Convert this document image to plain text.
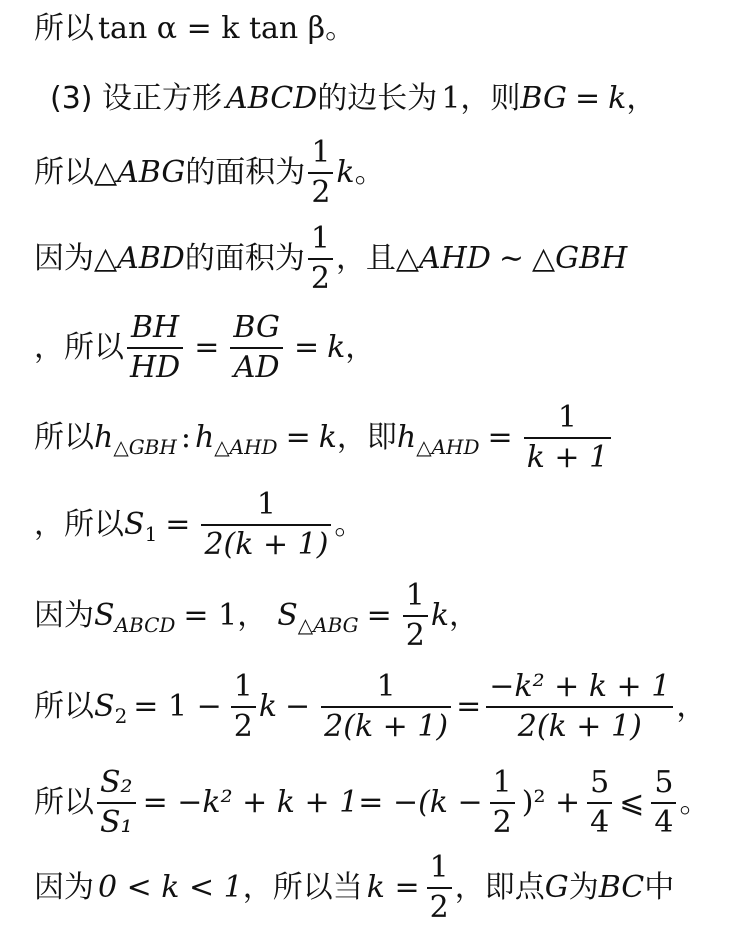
所以 tan α = k tan β 。
(3) 设正方形 ABCD 的边长为 1 ，则 BG = k ，
所以△ ABG 的面积为 $\frac{1}{2}$ k 。
因为△ ABD 的面积为 $\frac{1}{2}$ ，且△ AHD ∼ △ GBH
，所以 $\frac{BH}{HD} = \frac{BG}{AD} = k$ ，
所以 h △GBH : h △AHD = k ，即 h △AHD = $\frac{1}{k + 1}$
，所以 S $1 = \frac{1}{2(k + 1)}$ 。
因为 S ABCD = 1 ， S △ABG = $\frac{1}{2}$ k ，
所以 S $2 = 1 - \frac{1}{2}$ $k - \frac{1}{2(k + 1)} = \frac{\text{−k² + k + 1}}{2(k + 1)}$ ，
所以 $\frac{\text{S₂}}{\text{S₁}} = -k^2 + k + 1= -(k - \frac{1}{2} )^2 + \frac{5}{4}$ ⩽ $\frac{5}{4}$ 。
因为 0 < k < 1 ，所以当 $k = \frac{1}{2}$ ，即点 G 为 BC 中
